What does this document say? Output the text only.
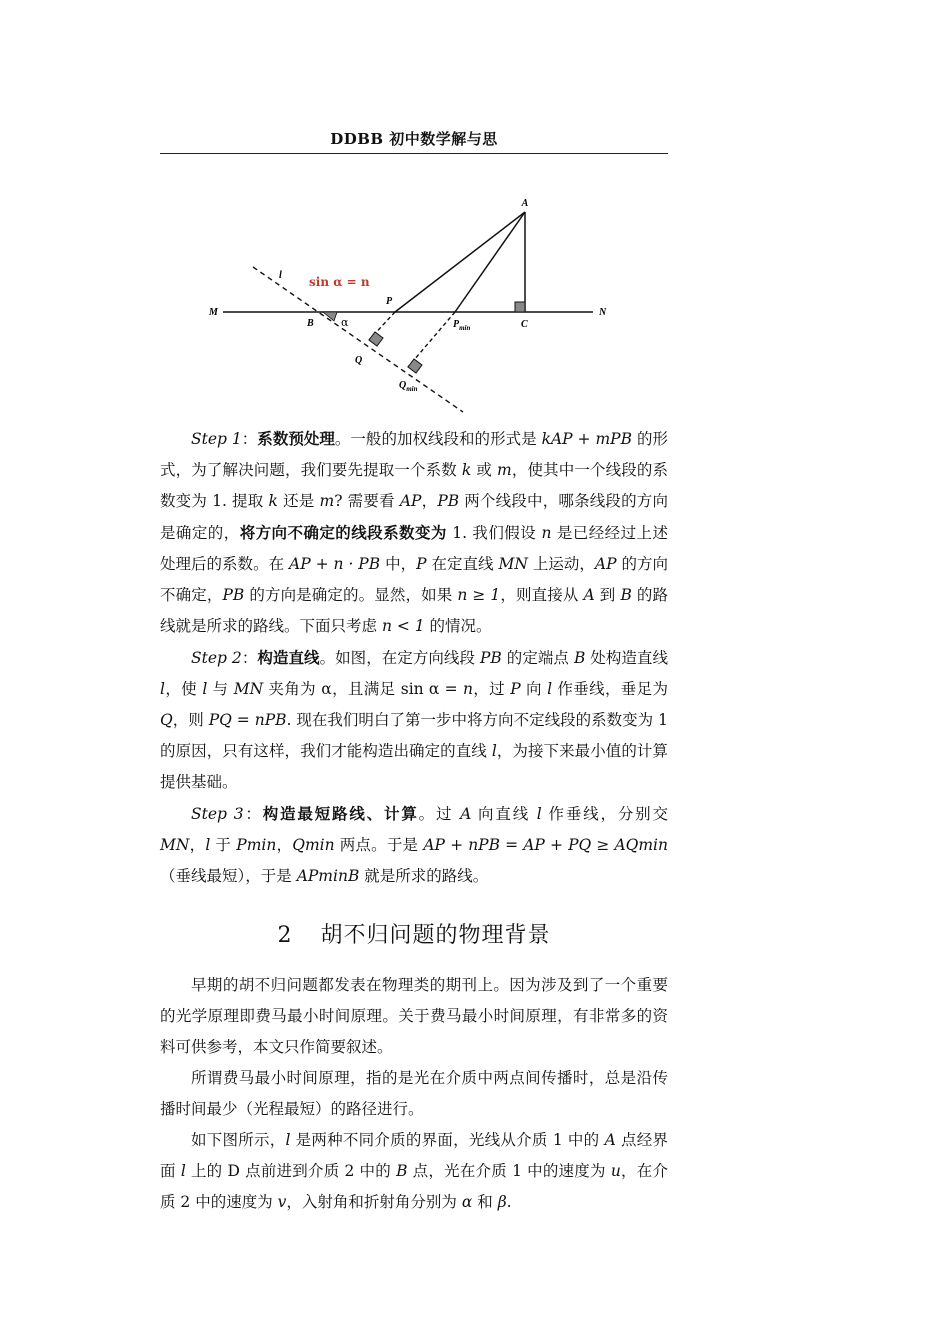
DDBB 初中数学解与思
A
M	N
B α	C
P
$P_{min}$
Q
$Q_{min}$
l sin α = n

Step 1：系数预处理。一般的加权线段和的形式是 kAP + mPB 的形式，为了解决问题，我们要先提取一个系数 k 或 m，使其中一个线段的系数变为 1. 提取 k 还是 m? 需要看 AP，PB 两个线段中，哪条线段的方向是确定的，将方向不确定的线段系数变为 1. 我们假设 n 是已经经过上述处理后的系数。在 AP + n · PB 中，P 在定直线 MN 上运动，AP 的方向不确定，PB 的方向是确定的。显然，如果 n ≥ 1，则直接从 A 到 B 的路线就是所求的路线。下面只考虑 n < 1 的情况。

Step 2：构造直线。如图，在定方向线段 PB 的定端点 B 处构造直线 l，使 l 与 MN 夹角为 α，且满足 sin α = n，过 P 向 l 作垂线，垂足为 Q，则 PQ = nPB. 现在我们明白了第一步中将方向不定线段的系数变为 1 的原因，只有这样，我们才能构造出确定的直线 l，为接下来最小值的计算提供基础。

Step 3：构造最短路线、计算。过 A 向直线 l 作垂线，分别交 MN，l 于 Pmin，Qmin 两点。于是 AP + nPB = AP + PQ ≥ AQmin（垂线最短），于是 APminB 就是所求的路线。

2 胡不归问题的物理背景

早期的胡不归问题都发表在物理类的期刊上。因为涉及到了一个重要的光学原理即费马最小时间原理。关于费马最小时间原理，有非常多的资料可供参考，本文只作简要叙述。

所谓费马最小时间原理，指的是光在介质中两点间传播时，总是沿传播时间最少（光程最短）的路径进行。

如下图所示，l 是两种不同介质的界面，光线从介质 1 中的 A 点经界面 l 上的 D 点前进到介质 2 中的 B 点，光在介质 1 中的速度为 u，在介质 2 中的速度为 v，入射角和折射角分别为 α 和 β.
